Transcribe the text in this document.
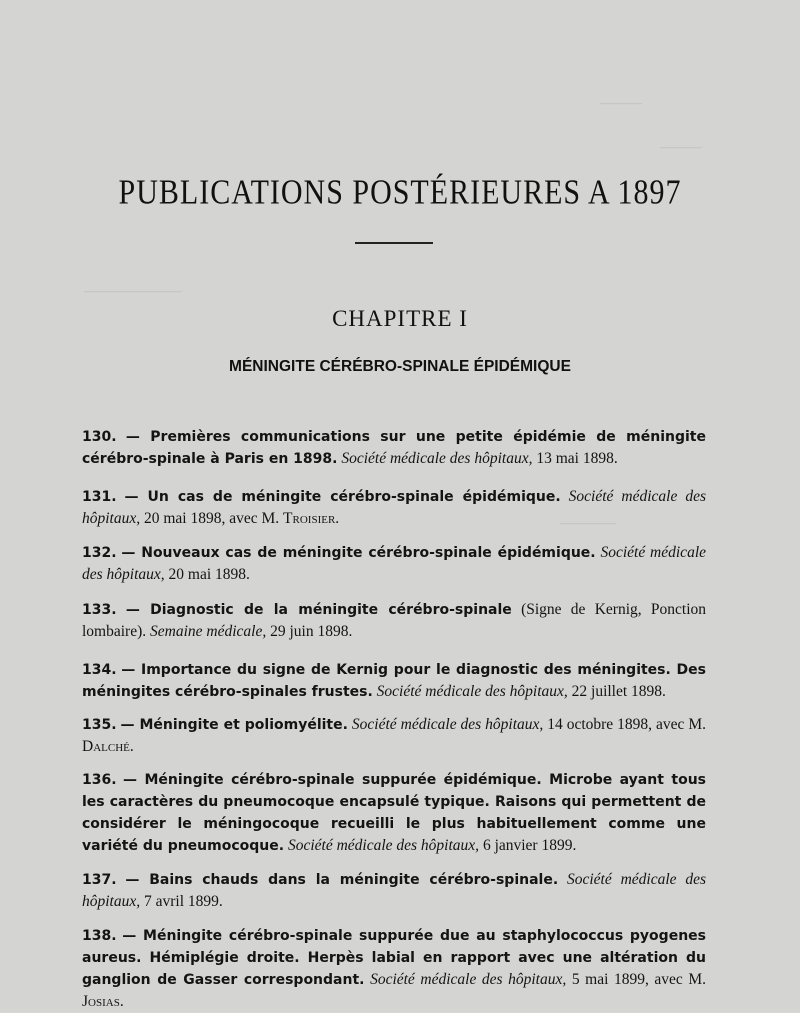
———
———
———————
————
PUBLICATIONS POSTÉRIEURES A 1897
CHAPITRE I
MÉNINGITE CÉRÉBRO-SPINALE ÉPIDÉMIQUE
130. — Premières communications sur une petite épidémie de méningite cérébro-spinale à Paris en 1898. Société médicale des hôpitaux, 13 mai 1898.
131. — Un cas de méningite cérébro-spinale épidémique. Société médicale des hôpitaux, 20 mai 1898, avec M. Troisier.
132. — Nouveaux cas de méningite cérébro-spinale épidémique. Société médicale des hôpitaux, 20 mai 1898.
133. — Diagnostic de la méningite cérébro-spinale (Signe de Kernig, Ponction lombaire). Semaine médicale, 29 juin 1898.
134. — Importance du signe de Kernig pour le diagnostic des méningites. Des méningites cérébro-spinales frustes. Société médicale des hôpitaux, 22 juillet 1898.
135. — Méningite et poliomyélite. Société médicale des hôpitaux, 14 octobre 1898, avec M. Dalché.
136. — Méningite cérébro-spinale suppurée épidémique. Microbe ayant tous les caractères du pneumocoque encapsulé typique. Raisons qui permettent de considérer le méningocoque recueilli le plus habituellement comme une variété du pneumocoque. Société médicale des hôpitaux, 6 janvier 1899.
137. — Bains chauds dans la méningite cérébro-spinale. Société médicale des hôpitaux, 7 avril 1899.
138. — Méningite cérébro-spinale suppurée due au staphylococcus pyogenes aureus. Hémiplégie droite. Herpès labial en rapport avec une altération du ganglion de Gasser correspondant. Société médicale des hôpitaux, 5 mai 1899, avec M. Josias.
